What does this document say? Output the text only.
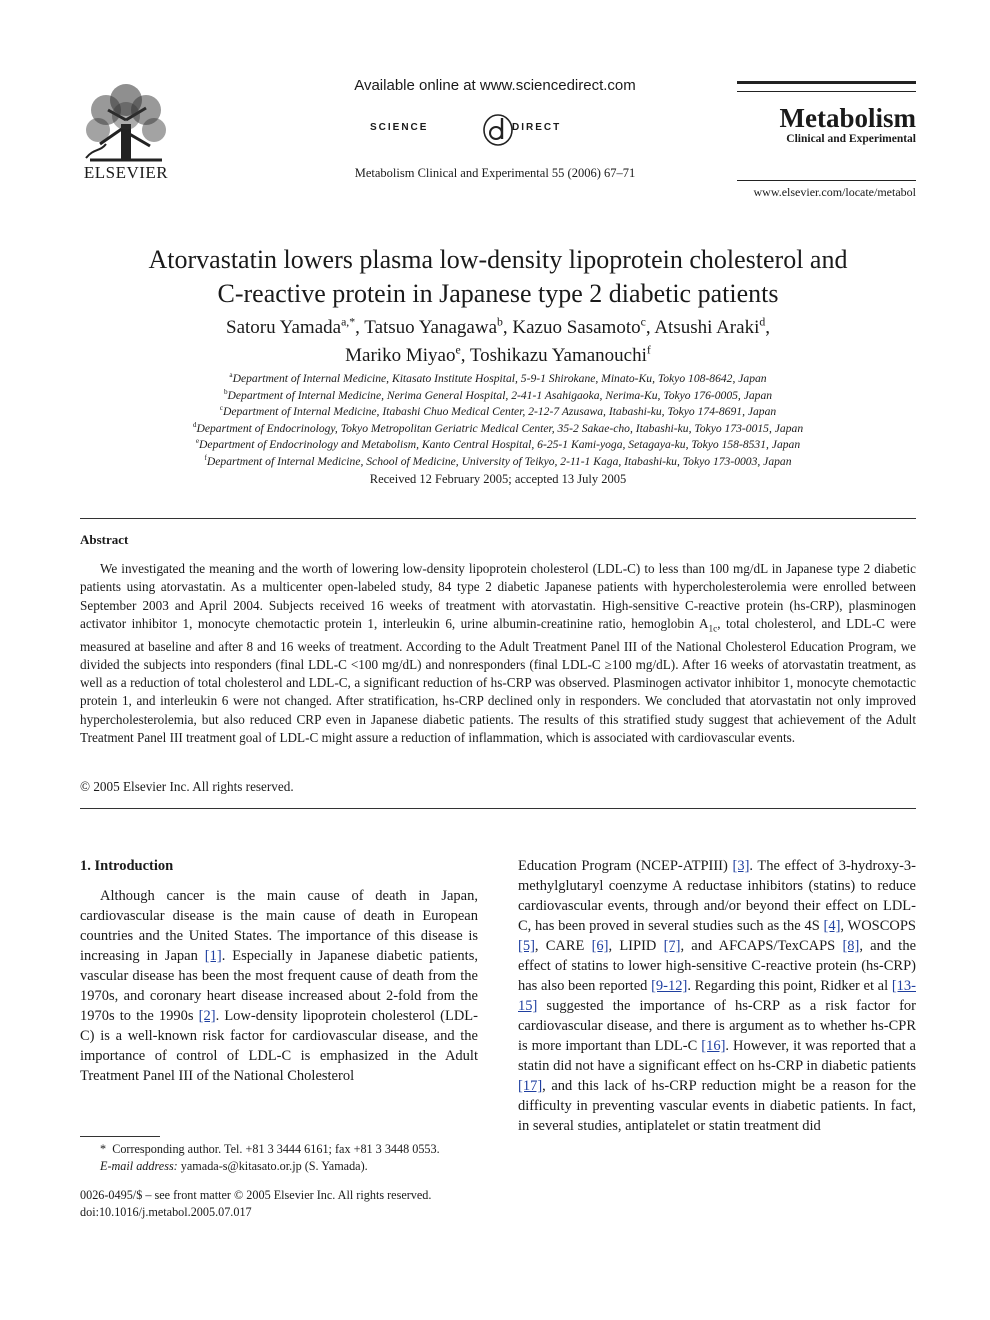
ELSEVIER
Available online at www.sciencedirect.com
SCIENCE	DIRECT
Metabolism Clinical and Experimental 55 (2006) 67–71
Metabolism
Clinical and Experimental
www.elsevier.com/locate/metabol
Atorvastatin lowers plasma low-density lipoprotein cholesterol and
C-reactive protein in Japanese type 2 diabetic patients
Satoru Yamada$^{a,*}$, Tatsuo Yanagawa$^b$, Kazuo Sasamoto$^c$, Atsushi Araki$^d$,
Mariko Miyao$^e$, Toshikazu Yamanouchi$^f$
$^a$Department of Internal Medicine, Kitasato Institute Hospital, 5-9-1 Shirokane, Minato-Ku, Tokyo 108-8642, Japan
$^b$Department of Internal Medicine, Nerima General Hospital, 2-41-1 Asahigaoka, Nerima-Ku, Tokyo 176-0005, Japan
$^c$Department of Internal Medicine, Itabashi Chuo Medical Center, 2-12-7 Azusawa, Itabashi-ku, Tokyo 174-8691, Japan
$^d$Department of Endocrinology, Tokyo Metropolitan Geriatric Medical Center, 35-2 Sakae-cho, Itabashi-ku, Tokyo 173-0015, Japan
$^e$Department of Endocrinology and Metabolism, Kanto Central Hospital, 6-25-1 Kami-yoga, Setagaya-ku, Tokyo 158-8531, Japan
$^f$Department of Internal Medicine, School of Medicine, University of Teikyo, 2-11-1 Kaga, Itabashi-ku, Tokyo 173-0003, Japan
Received 12 February 2005; accepted 13 July 2005
Abstract
We investigated the meaning and the worth of lowering low-density lipoprotein cholesterol (LDL-C) to less than 100 mg/dL in Japanese type 2 diabetic patients using atorvastatin. As a multicenter open-labeled study, 84 type 2 diabetic Japanese patients with hypercholesterolemia were enrolled between September 2003 and April 2004. Subjects received 16 weeks of treatment with atorvastatin. High-sensitive C-reactive protein (hs-CRP), plasminogen activator inhibitor 1, monocyte chemotactic protein 1, interleukin 6, urine albumin-creatinine ratio, hemoglobin $A_{1c}$, total cholesterol, and LDL-C were measured at baseline and after 8 and 16 weeks of treatment. According to the Adult Treatment Panel III of the National Cholesterol Education Program, we divided the subjects into responders (final LDL-C <100 mg/dL) and nonresponders (final LDL-C ≥100 mg/dL). After 16 weeks of atorvastatin treatment, as well as a reduction of total cholesterol and LDL-C, a significant reduction of hs-CRP was observed. Plasminogen activator inhibitor 1, monocyte chemotactic protein 1, and interleukin 6 were not changed. After stratification, hs-CRP declined only in responders. We concluded that atorvastatin not only improved hypercholesterolemia, but also reduced CRP even in Japanese diabetic patients. The results of this stratified study suggest that achievement of the Adult Treatment Panel III treatment goal of LDL-C might assure a reduction of inflammation, which is associated with cardiovascular events.
© 2005 Elsevier Inc. All rights reserved.
1. Introduction
Although cancer is the main cause of death in Japan, cardiovascular disease is the main cause of death in European countries and the United States. The importance of this disease is increasing in Japan [1]. Especially in Japanese diabetic patients, vascular disease has been the most frequent cause of death from the 1970s, and coronary heart disease increased about 2-fold from the 1970s to the 1990s [2]. Low-density lipoprotein cholesterol (LDL-C) is a well-known risk factor for cardiovascular disease, and the importance of control of LDL-C is emphasized in the Adult Treatment Panel III of the National Cholesterol
Education Program (NCEP-ATPIII) [3]. The effect of 3-hydroxy-3-methylglutaryl coenzyme A reductase inhibitors (statins) to reduce cardiovascular events, through and/or beyond their effect on LDL-C, has been proved in several studies such as the 4S [4], WOSCOPS [5], CARE [6], LIPID [7], and AFCAPS/TexCAPS [8], and the effect of statins to lower high-sensitive C-reactive protein (hs-CRP) has also been reported [9-12]. Regarding this point, Ridker et al [13-15] suggested the importance of hs-CRP as a risk factor for cardiovascular disease, and there is argument as to whether hs-CPR is more important than LDL-C [16]. However, it was reported that a statin did not have a significant effect on hs-CRP in diabetic patients [17], and this lack of hs-CRP reduction might be a reason for the difficulty in preventing vascular events in diabetic patients. In fact, in several studies, antiplatelet or statin treatment did
* Corresponding author. Tel. +81 3 3444 6161; fax +81 3 3448 0553.
E-mail address: yamada-s@kitasato.or.jp (S. Yamada).
0026-0495/$ – see front matter © 2005 Elsevier Inc. All rights reserved.
doi:10.1016/j.metabol.2005.07.017
